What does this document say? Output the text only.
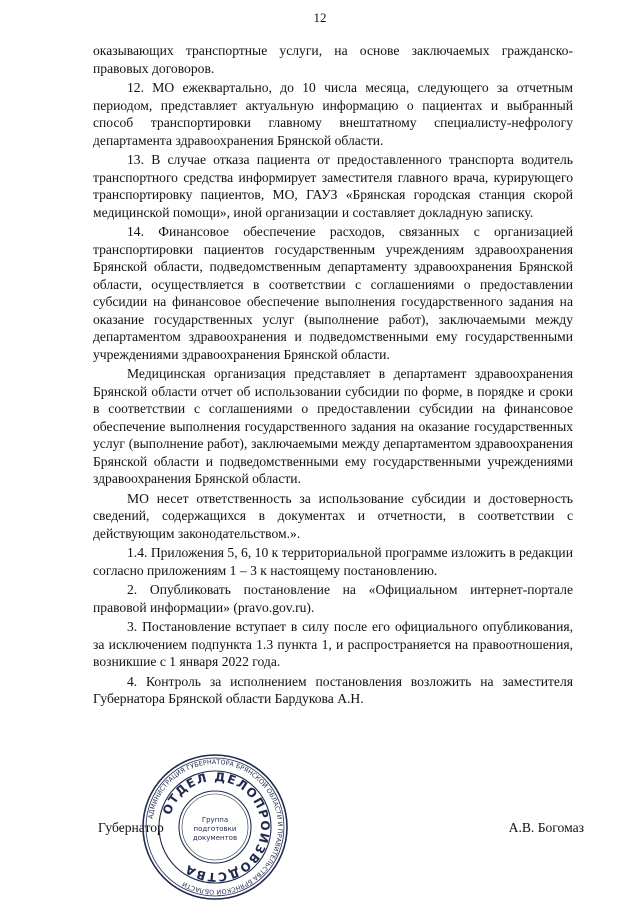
12

оказывающих транспортные услуги, на основе заключаемых гражданско-правовых договоров.

12. МО ежеквартально, до 10 числа месяца, следующего за отчетным периодом, представляет актуальную информацию о пациентах и выбранный способ транспортировки главному внештатному специалисту-нефрологу департамента здравоохранения Брянской области.

13. В случае отказа пациента от предоставленного транспорта водитель транспортного средства информирует заместителя главного врача, курирующего транспортировку пациентов, МО, ГАУЗ «Брянская городская станция скорой медицинской помощи», иной организации и составляет докладную записку.

14. Финансовое обеспечение расходов, связанных с организацией транспортировки пациентов государственным учреждениям здравоохранения Брянской области, подведомственным департаменту здравоохранения Брянской области, осуществляется в соответствии с соглашениями о предоставлении субсидии на финансовое обеспечение выполнения государственного задания на оказание государственных услуг (выполнение работ), заключаемыми между департаментом здравоохранения и подведомственными ему государственными учреждениями здравоохранения Брянской области.

Медицинская организация представляет в департамент здравоохранения Брянской области отчет об использовании субсидии по форме, в порядке и сроки в соответствии с соглашениями о предоставлении субсидии на финансовое обеспечение выполнения государственного задания на оказание государственных услуг (выполнение работ), заключаемыми между департаментом здравоохранения Брянской области и подведомственными ему государственными учреждениями здравоохранения Брянской области.

МО несет ответственность за использование субсидии и достоверность сведений, содержащихся в документах и отчетности, в соответствии с действующим законодательством.».

1.4. Приложения 5, 6, 10 к территориальной программе изложить в редакции согласно приложениям 1 – 3 к настоящему постановлению.

2. Опубликовать постановление на «Официальном интернет-портале правовой информации» (pravo.gov.ru).

3. Постановление вступает в силу после его официального опубликования, за исключением подпункта 1.3 пункта 1, и распространяется на правоотношения, возникшие с 1 января 2022 года.

4. Контроль за исполнением постановления возложить на заместителя Губернатора Брянской области Бардукова А.Н.

Губернатор	А.В. Богомаз
АДМИНИСТРАЦИЯ ГУБЕРНАТОРА БРЯНСКОЙ ОБЛАСТИ И ПРАВИТЕЛЬСТВА БРЯНСКОЙ ОБЛАСТИ
ОТДЕЛ ДЕЛОПРОИЗВОДСТВА
Группа
подготовки
документов
